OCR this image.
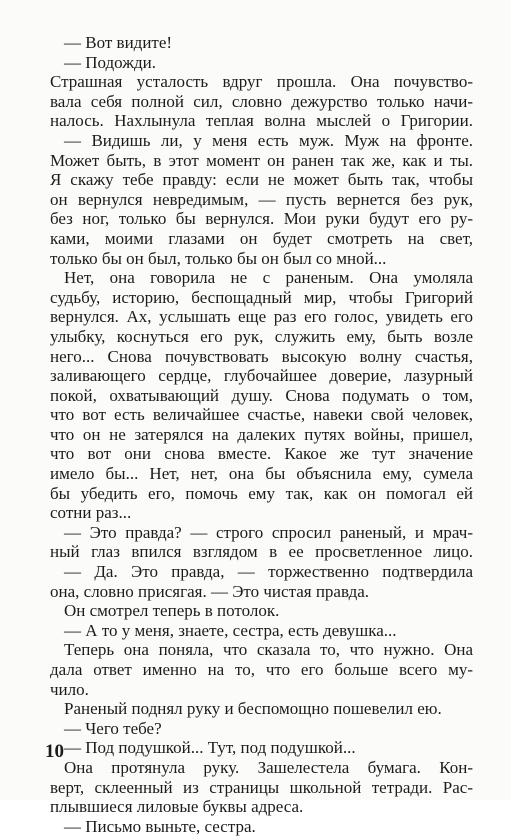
— Вот видите!
— Подожди.
Страшная усталость вдруг прошла. Она почувство-
вала себя полной сил, словно дежурство только начи-
налось. Нахлынула теплая волна мыслей о Григории.
— Видишь ли, у меня есть муж. Муж на фронте.
Может быть, в этот момент он ранен так же, как и ты.
Я скажу тебе правду: если не может быть так, чтобы
он вернулся невредимым, — пусть вернется без рук,
без ног, только бы вернулся. Мои руки будут его ру-
ками, моими глазами он будет смотреть на свет,
только бы он был, только бы он был со мной...
Нет, она говорила не с раненым. Она умоляла
судьбу, историю, беспощадный мир, чтобы Григорий
вернулся. Ах, услышать еще раз его голос, увидеть его
улыбку, коснуться его рук, служить ему, быть возле
него... Снова почувствовать высокую волну счастья,
заливающего сердце, глубочайшее доверие, лазурный
покой, охватывающий душу. Снова подумать о том,
что вот есть величайшее счастье, навеки свой человек,
что он не затерялся на далеких путях войны, пришел,
что вот они снова вместе. Какое же тут значение
имело бы... Нет, нет, она бы объяснила ему, сумела
бы убедить его, помочь ему так, как он помогал ей
сотни раз...
— Это правда? — строго спросил раненый, и мрач-
ный глаз впился взглядом в ее просветленное лицо.
— Да. Это правда, — торжественно подтвердила
она, словно присягая. — Это чистая правда.
Он смотрел теперь в потолок.
— А то у меня, знаете, сестра, есть девушка...
Теперь она поняла, что сказала то, что нужно. Она
дала ответ именно на то, что его больше всего му-
чило.
Раненый поднял руку и беспомощно пошевелил ею.
— Чего тебе?
— Под подушкой... Тут, под подушкой...
Она протянула руку. Зашелестела бумага. Кон-
верт, склеенный из страницы школьной тетради. Рас-
плывшиеся лиловые буквы адреса.
— Письмо выньте, сестра.
10
